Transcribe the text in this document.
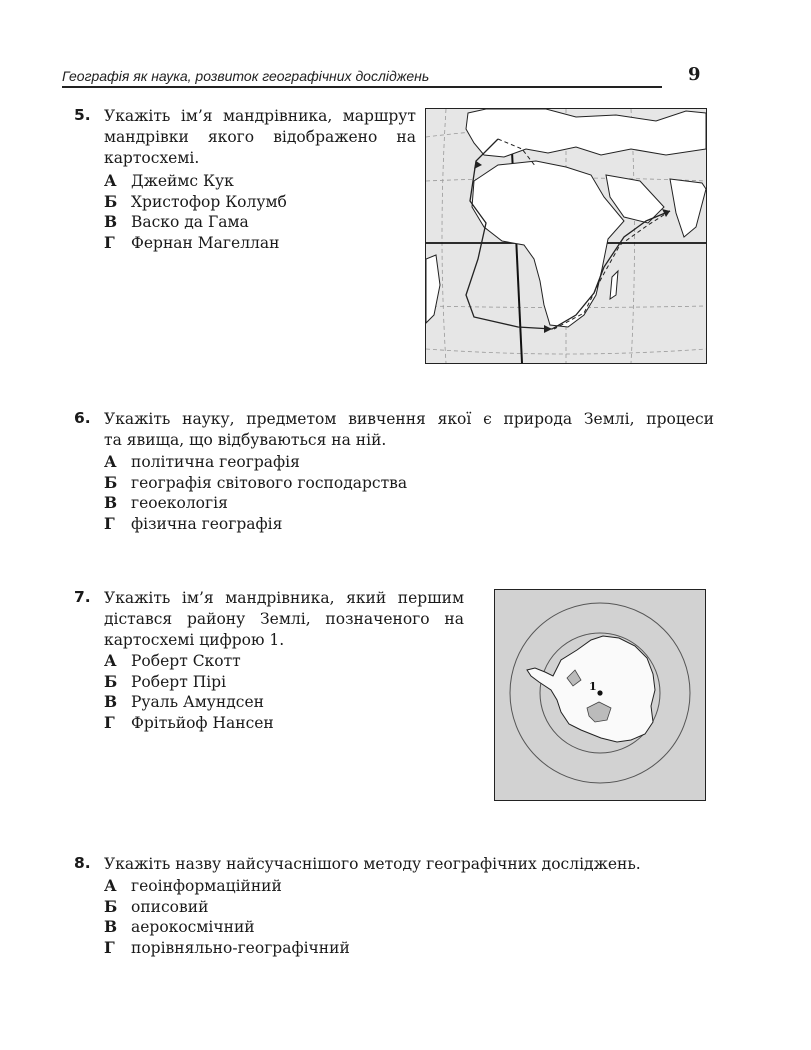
Географія як наука, розвиток географічних досліджень	9
5. Укажіть ім’я мандрівника, маршрут
мандрівки якого відображено на
картосхемі.
А Джеймс Кук
Б Христофор Колумб
В Васко да Гама
Г Фернан Магеллан
6. Укажіть науку, предметом вивчення якої є природа Землі, процеси
та явища, що відбуваються на ній.
А політична географія
Б географія світового господарства
В геоекологія
Г фізична географія
7. Укажіть ім’я мандрівника, який першим
дістався району Землі, позначеного на
картосхемі цифрою 1.
А Роберт Скотт
Б Роберт Пірі
В Руаль Амундсен
Г Фрітьйоф Нансен
1
8. Укажіть назву найсучаснішого методу географічних досліджень.
А геоінформаційний
Б описовий
В аерокосмічний
Г порівняльно-географічний
